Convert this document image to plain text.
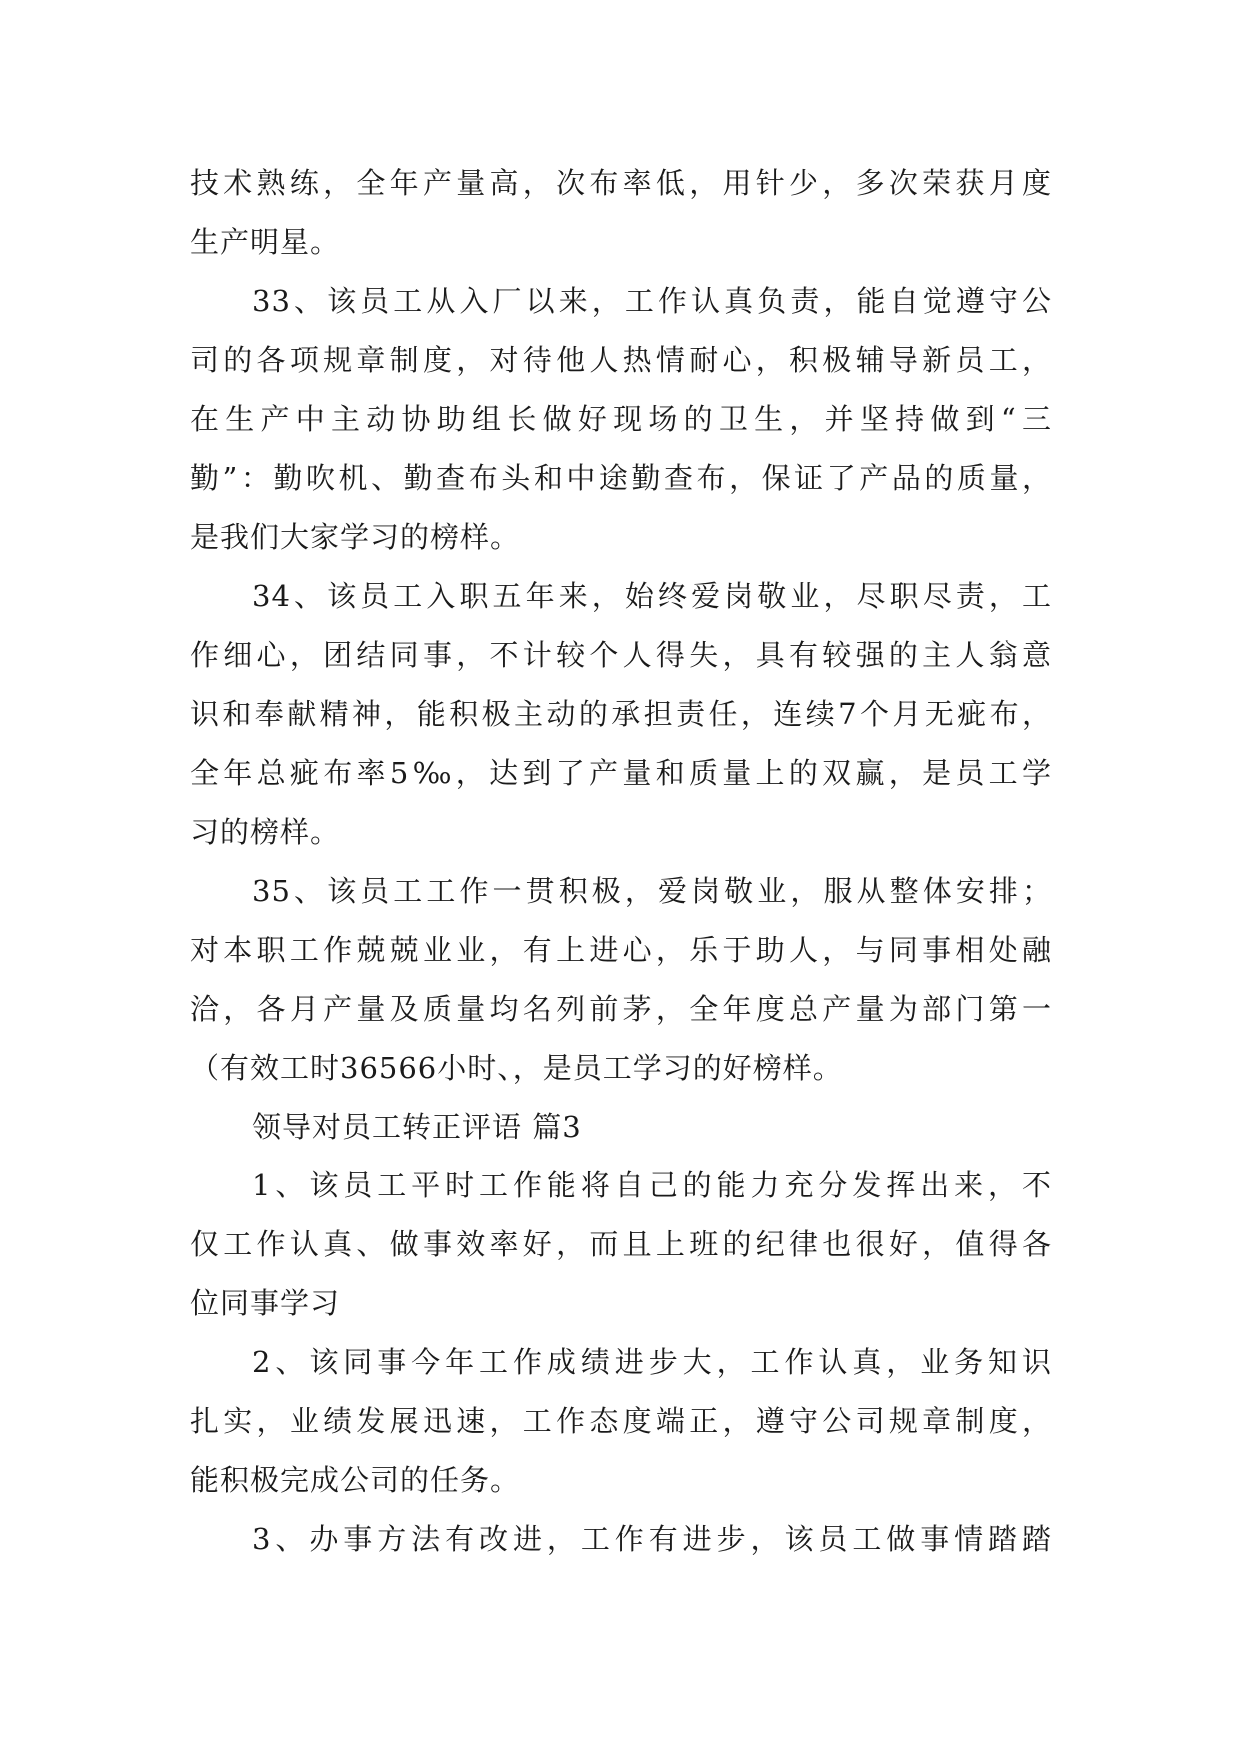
技术熟练，全年产量高，次布率低，用针少，多次荣获月度
生产明星。
33、该员工从入厂以来，工作认真负责，能自觉遵守公
司的各项规章制度，对待他人热情耐心，积极辅导新员工，
在生产中主动协助组长做好现场的卫生，并坚持做到“三
勤”：勤吹机、勤查布头和中途勤查布，保证了产品的质量，
是我们大家学习的榜样。
34、该员工入职五年来，始终爱岗敬业，尽职尽责，工
作细心，团结同事，不计较个人得失，具有较强的主人翁意
识和奉献精神，能积极主动的承担责任，连续7个月无疵布，
全年总疵布率5‰，达到了产量和质量上的双赢，是员工学
习的榜样。
35、该员工工作一贯积极，爱岗敬业，服从整体安排；
对本职工作兢兢业业，有上进心，乐于助人，与同事相处融
洽，各月产量及质量均名列前茅，全年度总产量为部门第一
（有效工时36566小时、，是员工学习的好榜样。
领导对员工转正评语 篇3
1、该员工平时工作能将自己的能力充分发挥出来，不
仅工作认真、做事效率好，而且上班的纪律也很好，值得各
位同事学习
2、该同事今年工作成绩进步大，工作认真，业务知识
扎实，业绩发展迅速，工作态度端正，遵守公司规章制度，
能积极完成公司的任务。
3、办事方法有改进，工作有进步，该员工做事情踏踏
